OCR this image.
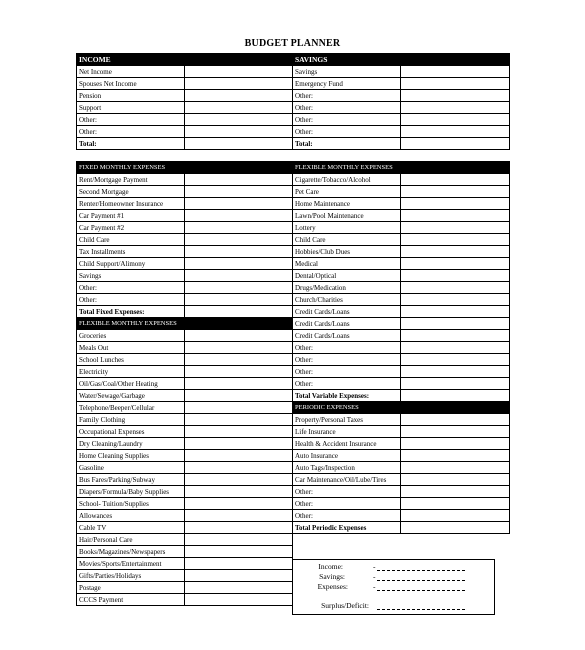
BUDGET PLANNER
INCOME		SAVINGS	
Net Income		Savings	
Spouses Net Income		Emergency Fund	
Pension		Other:	
Support		Other:	
Other:		Other:	
Other:		Other:	
Total:		Total:	
FIXED MONTHLY EXPENSES		FLEXIBLE MONTHLY EXPENSES	
Rent/Mortgage Payment		Cigarette/Tobacco/Alcohol	
Second Mortgage		Pet Care	
Renter/Homeowner Insurance		Home Maintenance	
Car Payment #1		Lawn/Pool Maintenance	
Car Payment #2		Lottery	
Child Care		Child Care	
Tax Installments		Hobbies/Club Dues	
Child Support/Alimony		Medical	
Savings		Dental/Optical	
Other:		Drugs/Medication	
Other:		Church/Charities	
Total Fixed Expenses:		Credit Cards/Loans	
FLEXIBLE MONTHLY EXPENSES		Credit Cards/Loans	
Groceries		Credit Cards/Loans	
Meals Out		Other:	
School Lunches		Other:	
Electricity		Other:	
Oil/Gas/Coal/Other Heating		Other:	
Water/Sewage/Garbage		Total Variable Expenses:	
Telephone/Beeper/Cellular		PERIODIC EXPENSES	
Family Clothing		Property/Personal Taxes	
Occupational Expenses		Life Insurance	
Dry Cleaning/Laundry		Health & Accident Insurance	
Home Cleaning Supplies		Auto Insurance	
Gasoline		Auto Tags/Inspection	
Bus Fares/Parking/Subway		Car Maintenance/Oil/Lube/Tires	
Diapers/Formula/Baby Supplies		Other:	
School- Tuition/Supplies		Other:	
Allowances		Other:	
Cable TV		Total Periodic Expenses	
Hair/Personal Care			
Books/Magazines/Newspapers			
Movies/Sports/Entertainment			
Gifts/Parties/Holidays			
Postage			
CCCS Payment			
Income:	-
Savings:	-
Expenses:	-
Surplus/Deficit:
